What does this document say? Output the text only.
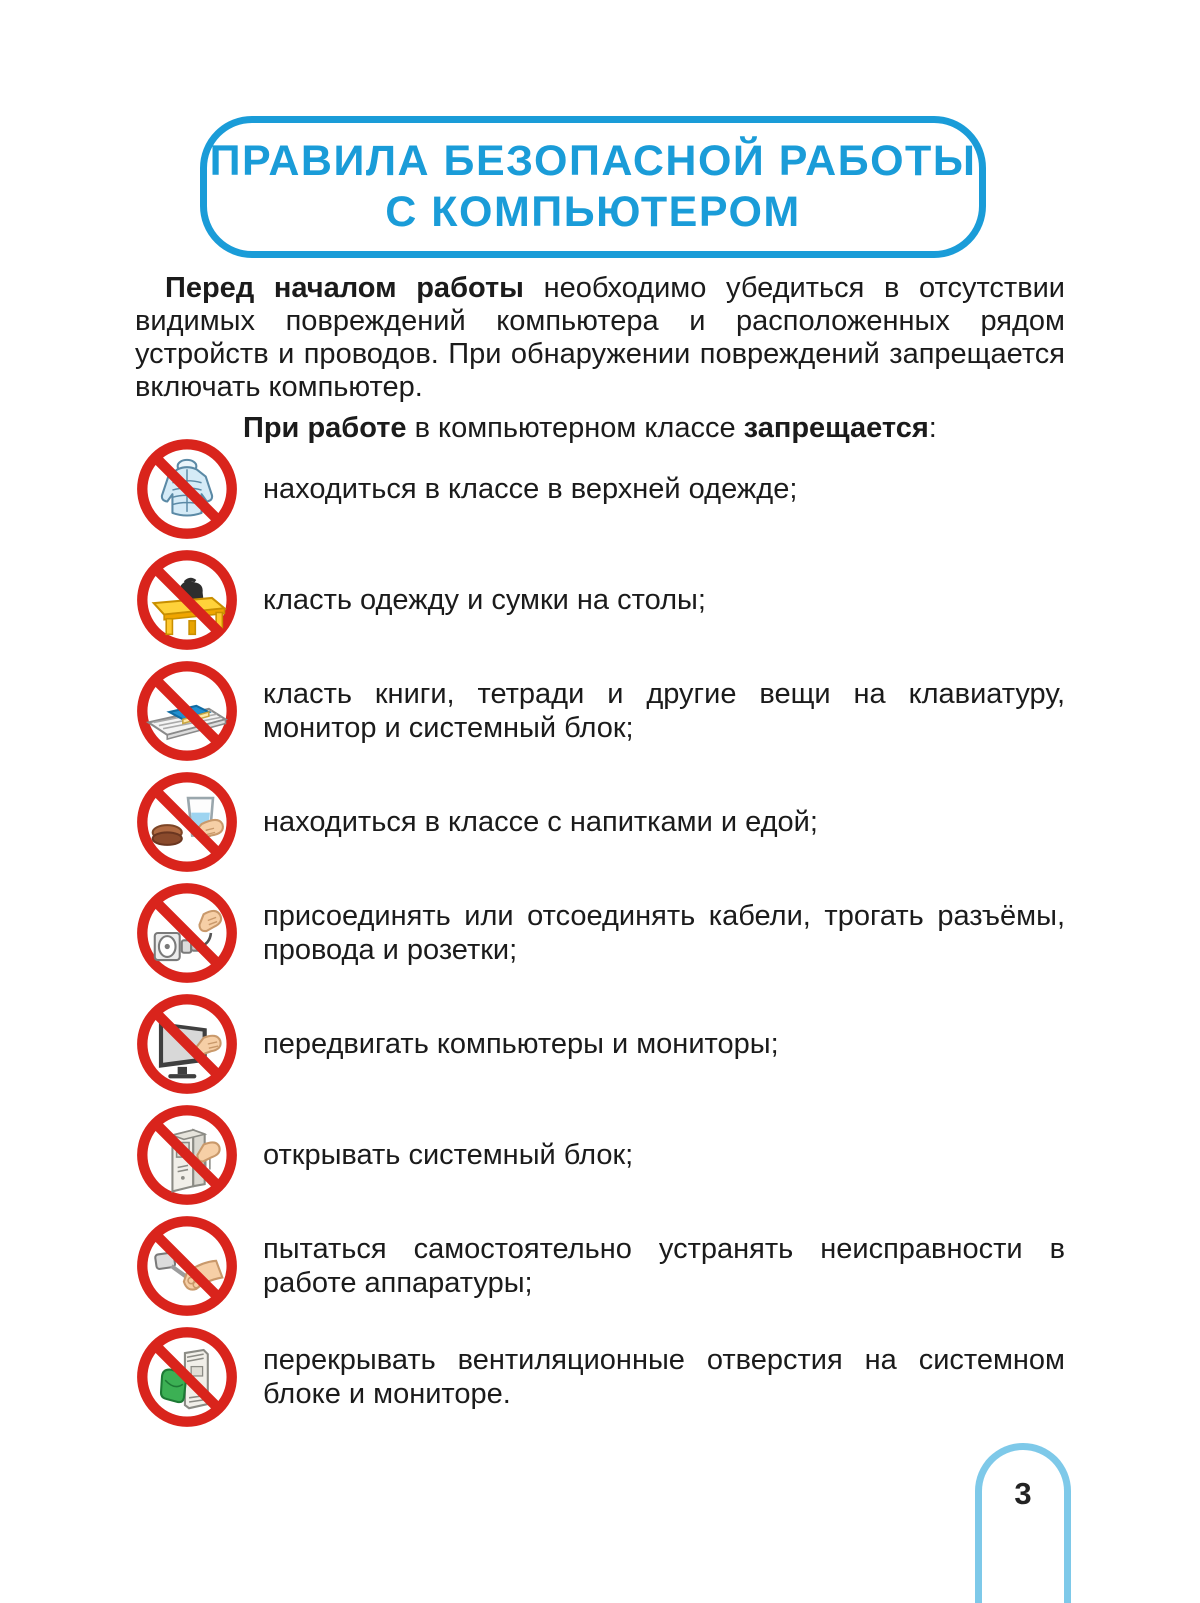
ПРАВИЛА БЕЗОПАСНОЙ РАБОТЫ
С КОМПЬЮТЕРОМ

Перед началом работы необходимо убедиться в отсутствии видимых повреждений компьютера и расположенных рядом устройств и проводов. При обнаружении повреждений запрещается включать компьютер.

При работе в компьютерном классе запрещается:

находиться в классе в верхней одежде;

класть одежду и сумки на столы;

класть книги, тетради и другие вещи на клавиатуру, монитор и системный блок;

находиться в классе с напитками и едой;

присоединять или отсоединять кабели, трогать разъёмы, провода и розетки;

передвигать компьютеры и мониторы;

открывать системный блок;

пытаться самостоятельно устранять неисправности в работе аппаратуры;

перекрывать вентиляционные отверстия на системном блоке и мониторе.

3
